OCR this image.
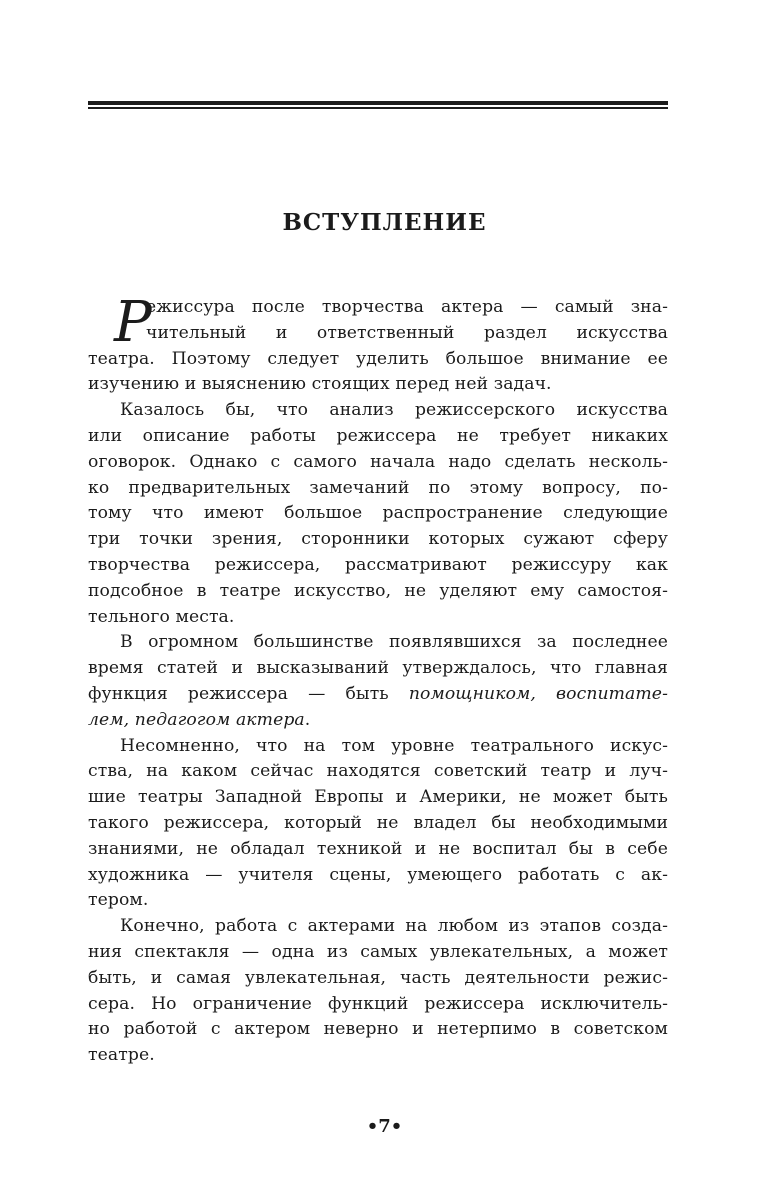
ВСТУПЛЕНИЕ
Р
ежиссура после творчества актера — самый зна-
чительный и ответственный раздел искусства
театра. Поэтому следует уделить большое внимание ее
изучению и выяснению стоящих перед ней задач.
Казалось бы, что анализ режиссерского искусства
или описание работы режиссера не требует никаких
оговорок. Однако с самого начала надо сделать несколь-
ко предварительных замечаний по этому вопросу, по-
тому что имеют большое распространение следующие
три точки зрения, сторонники которых сужают сферу
творчества режиссера, рассматривают режиссуру как
подсобное в театре искусство, не уделяют ему самостоя-
тельного места.
В огромном большинстве появлявшихся за последнее
время статей и высказываний утверждалось, что главная
функция режиссера — быть помощником, воспитате-
лем, педагогом актера.
Несомненно, что на том уровне театрального искус-
ства, на каком сейчас находятся советский театр и луч-
шие театры Западной Европы и Америки, не может быть
такого режиссера, который не владел бы необходимыми
знаниями, не обладал техникой и не воспитал бы в себе
художника — учителя сцены, умеющего работать с ак-
тером.
Конечно, работа с актерами на любом из этапов созда-
ния спектакля — одна из самых увлекательных, а может
быть, и самая увлекательная, часть деятельности режис-
сера. Но ограничение функций режиссера исключитель-
но работой с актером неверно и нетерпимо в советском
театре.
•7•
